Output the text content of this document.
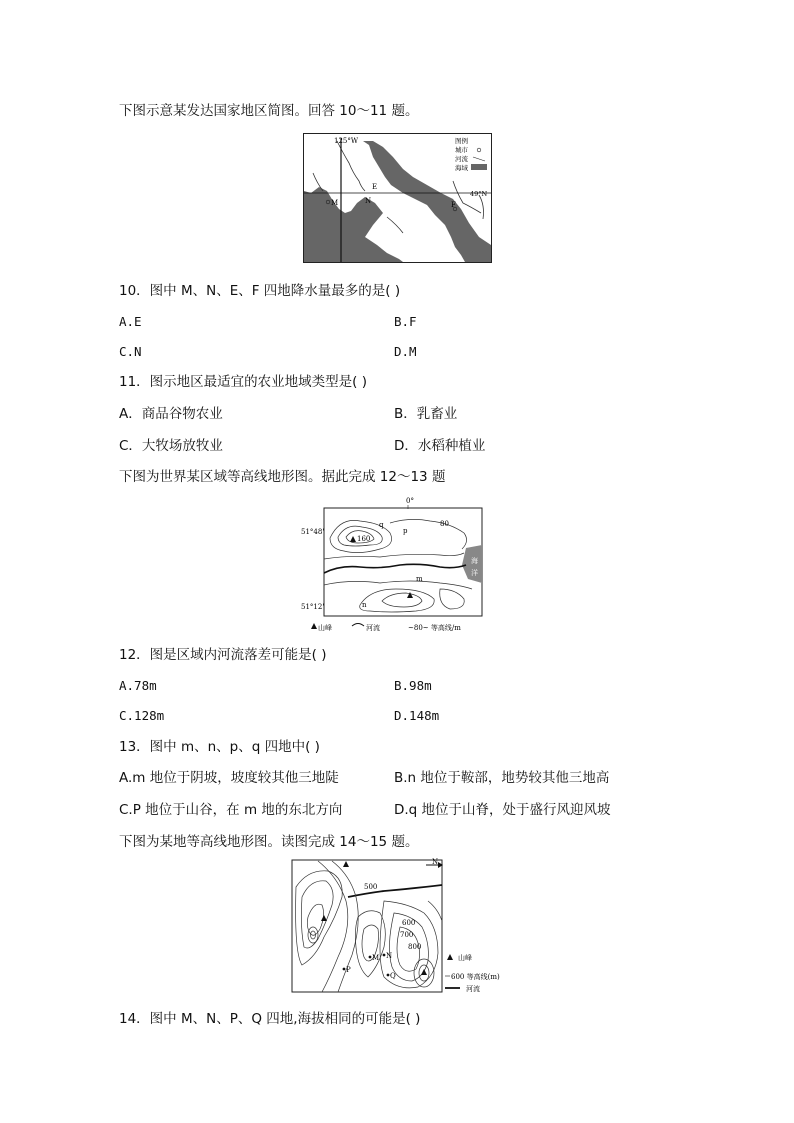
下图示意某发达国家地区简图。回答 10～11 题。
125°W
49°N
图例
城市
河流
海域
M	N
E
F
10．图中 M、N、E、F 四地降水量最多的是( )
A.E	B.F
C.N	D.M
11．图示地区最适宜的农业地域类型是( )
A．商品谷物农业	B．乳畜业
C．大牧场放牧业	D．水稻种植业
下图为世界某区域等高线地形图。据此完成 12～13 题
0°
51°48'
51°12'
海
洋
80
160
q
p
m
n
山峰	河流	~80~ 等高线/m
12．图是区域内河流落差可能是( )
A.78m	B.98m
C.128m	D.148m
13．图中 m、n、p、q 四地中( )
A.m 地位于阴坡，坡度较其他三地陡	B.n 地位于鞍部，地势较其他三地高
C.P 地位于山谷，在 m 地的东北方向	D.q 地位于山脊，处于盛行风迎风坡
下图为某地等高线地形图。读图完成 14～15 题。
N
500
600
700
800
M N
P
Q
山峰
600 等高线(m)
河流
14．图中 M、N、P、Q 四地,海拔相同的可能是( )
